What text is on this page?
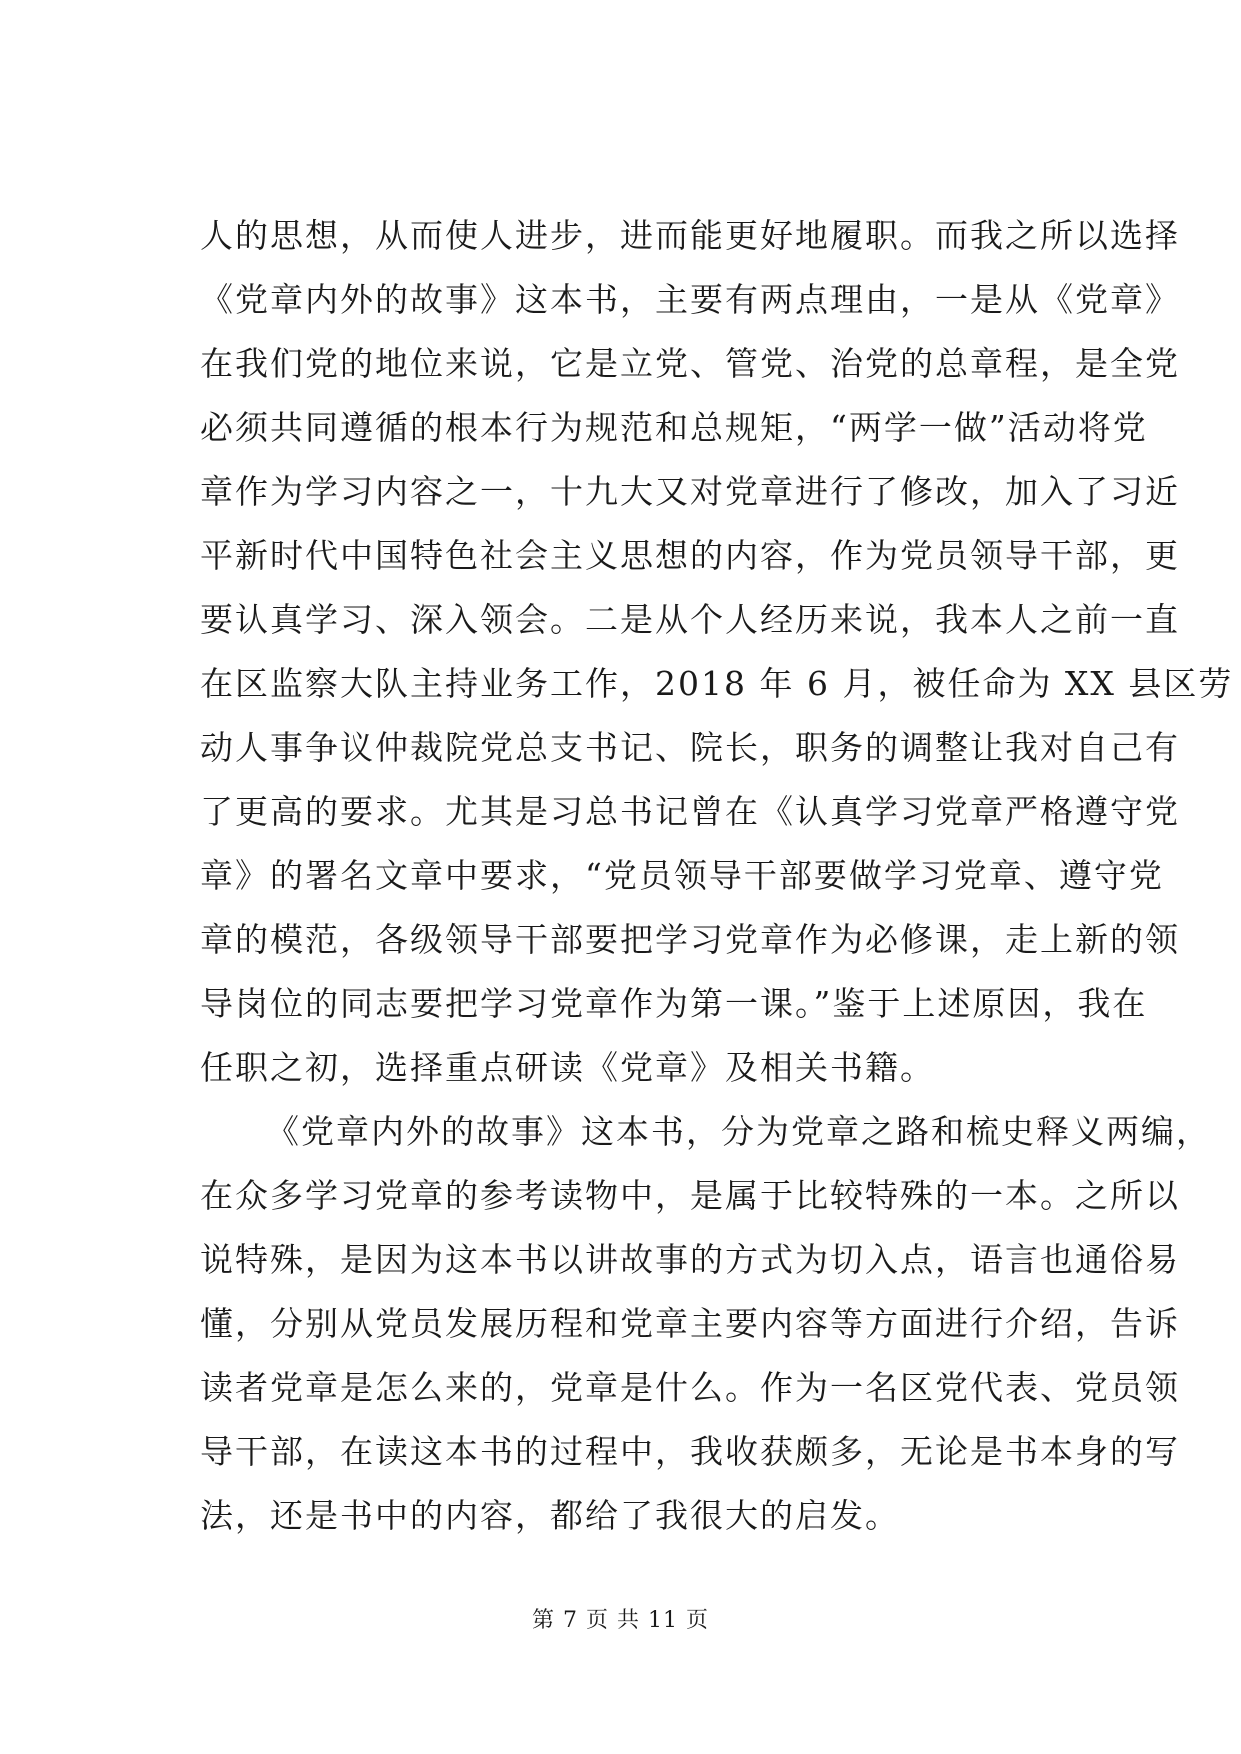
人的思想，从而使人进步，进而能更好地履职。而我之所以选择
《党章内外的故事》这本书，主要有两点理由，一是从《党章》
在我们党的地位来说，它是立党、管党、治党的总章程，是全党
必须共同遵循的根本行为规范和总规矩，“两学一做”活动将党
章作为学习内容之一，十九大又对党章进行了修改，加入了习近
平新时代中国特色社会主义思想的内容，作为党员领导干部，更
要认真学习、深入领会。二是从个人经历来说，我本人之前一直
在区监察大队主持业务工作，2018 年 6 月，被任命为 XX 县区劳
动人事争议仲裁院党总支书记、院长，职务的调整让我对自己有
了更高的要求。尤其是习总书记曾在《认真学习党章严格遵守党
章》的署名文章中要求，“党员领导干部要做学习党章、遵守党
章的模范，各级领导干部要把学习党章作为必修课，走上新的领
导岗位的同志要把学习党章作为第一课。”鉴于上述原因，我在
任职之初，选择重点研读《党章》及相关书籍。
《党章内外的故事》这本书，分为党章之路和梳史释义两编，
在众多学习党章的参考读物中，是属于比较特殊的一本。之所以
说特殊，是因为这本书以讲故事的方式为切入点，语言也通俗易
懂，分别从党员发展历程和党章主要内容等方面进行介绍，告诉
读者党章是怎么来的，党章是什么。作为一名区党代表、党员领
导干部，在读这本书的过程中，我收获颇多，无论是书本身的写
法，还是书中的内容，都给了我很大的启发。
第 7 页 共 11 页
